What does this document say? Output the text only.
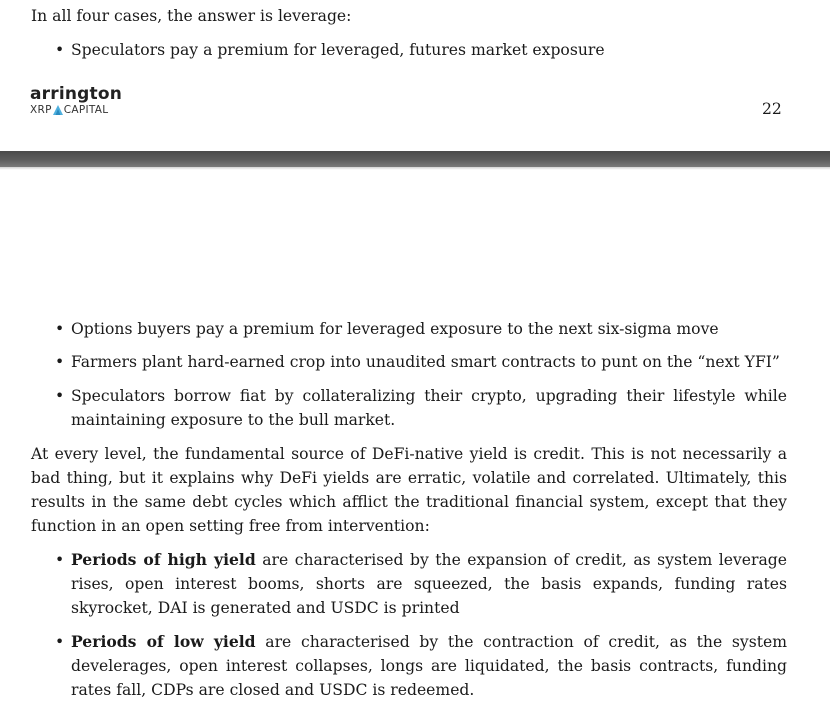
In all four cases, the answer is leverage:

• Speculators pay a premium for leveraged, futures market exposure

arrington
XRP CAPITAL	22
• Options buyers pay a premium for leveraged exposure to the next six-sigma move

• Farmers plant hard-earned crop into unaudited smart contracts to punt on the “next YFI”

• Speculators borrow fiat by collateralizing their crypto, upgrading their lifestyle while maintaining exposure to the bull market.

At every level, the fundamental source of DeFi-native yield is credit. This is not necessarily a bad thing, but it explains why DeFi yields are erratic, volatile and correlated. Ultimately, this results in the same debt cycles which afflict the traditional financial system, except that they function in an open setting free from intervention:

• Periods of high yield are characterised by the expansion of credit, as system leverage rises, open interest booms, shorts are squeezed, the basis expands, funding rates skyrocket, DAI is generated and USDC is printed

• Periods of low yield are characterised by the contraction of credit, as the system develerages, open interest collapses, longs are liquidated, the basis contracts, funding rates fall, CDPs are closed and USDC is redeemed.
